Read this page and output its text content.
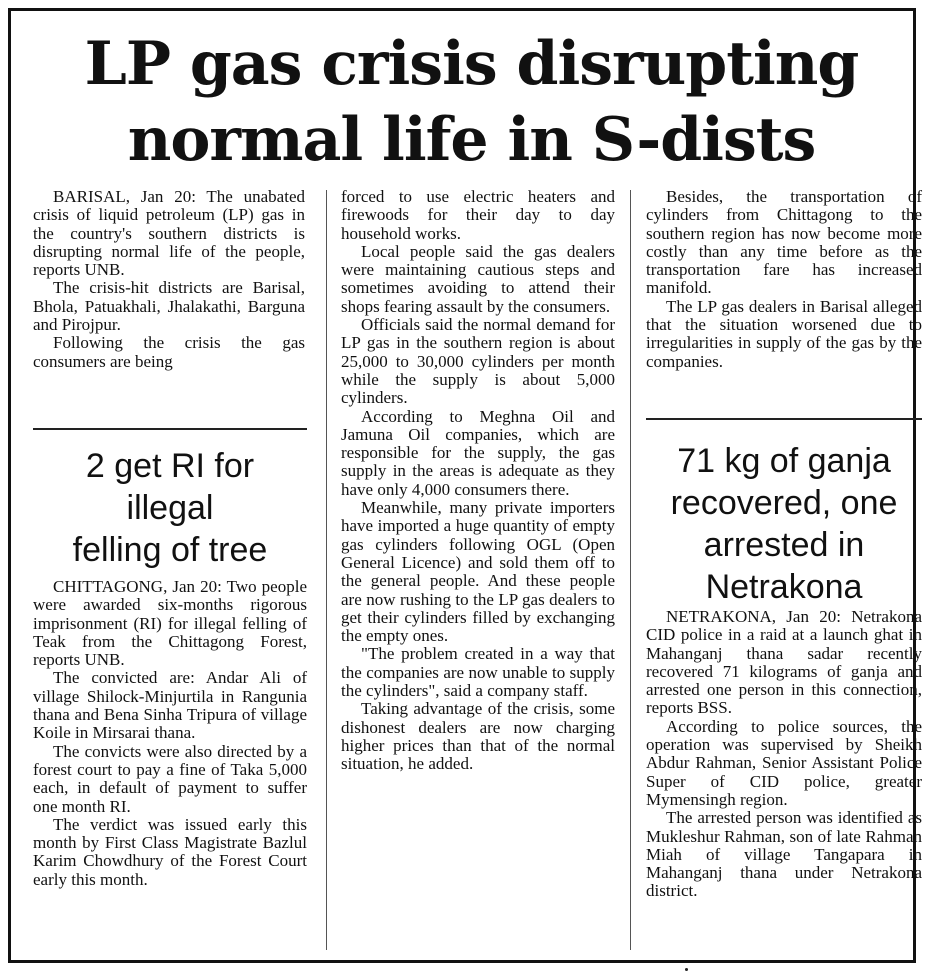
LP gas crisis disrupting
normal life in S-dists

BARISAL, Jan 20: The unabated crisis of liquid petroleum (LP) gas in the country's southern districts is disrupting normal life of the people, reports UNB.

The crisis-hit districts are Barisal, Bhola, Patuakhali, Jhalakathi, Barguna and Pirojpur.

Following the crisis the gas consumers are being

forced to use electric heaters and firewoods for their day to day household works.

Local people said the gas dealers were maintaining cautious steps and sometimes avoiding to attend their shops fearing assault by the consumers.

Officials said the normal demand for LP gas in the southern region is about 25,000 to 30,000 cylinders per month while the supply is about 5,000 cylinders.

According to Meghna Oil and Jamuna Oil companies, which are responsible for the supply, the gas supply in the areas is adequate as they have only 4,000 consumers there.

Meanwhile, many private importers have imported a huge quantity of empty gas cylinders following OGL (Open General Licence) and sold them off to the general people. And these people are now rushing to the LP gas dealers to get their cylinders filled by exchanging the empty ones.

"The problem created in a way that the companies are now unable to supply the cylinders", said a company staff.

Taking advantage of the crisis, some dishonest dealers are now charging higher prices than that of the normal situation, he added.

Besides, the transportation of cylinders from Chittagong to the southern region has now become more costly than any time before as the transportation fare has increased manifold.

The LP gas dealers in Barisal alleged that the situation worsened due to irregularities in supply of the gas by the companies.

2 get RI for
illegal
felling of tree

CHITTAGONG, Jan 20: Two people were awarded six-months rigorous imprisonment (RI) for illegal felling of Teak from the Chittagong Forest, reports UNB.

The convicted are: Andar Ali of village Shilock-Minjurtila in Rangunia thana and Bena Sinha Tripura of village Koile in Mirsarai thana.

The convicts were also directed by a forest court to pay a fine of Taka 5,000 each, in default of payment to suffer one month RI.

The verdict was issued early this month by First Class Magistrate Bazlul Karim Chowdhury of the Forest Court early this month.

71 kg of ganja
recovered, one
arrested in
Netrakona

NETRAKONA, Jan 20: Netrakona CID police in a raid at a launch ghat in Mahanganj thana sadar recently recovered 71 kilograms of ganja and arrested one person in this connection, reports BSS.

According to police sources, the operation was supervised by Sheikh Abdur Rahman, Senior Assistant Police Super of CID police, greater Mymensingh region.

The arrested person was identified as Mukleshur Rahman, son of late Rahman Miah of village Tangapara in Mahanganj thana under Netrakona district.
